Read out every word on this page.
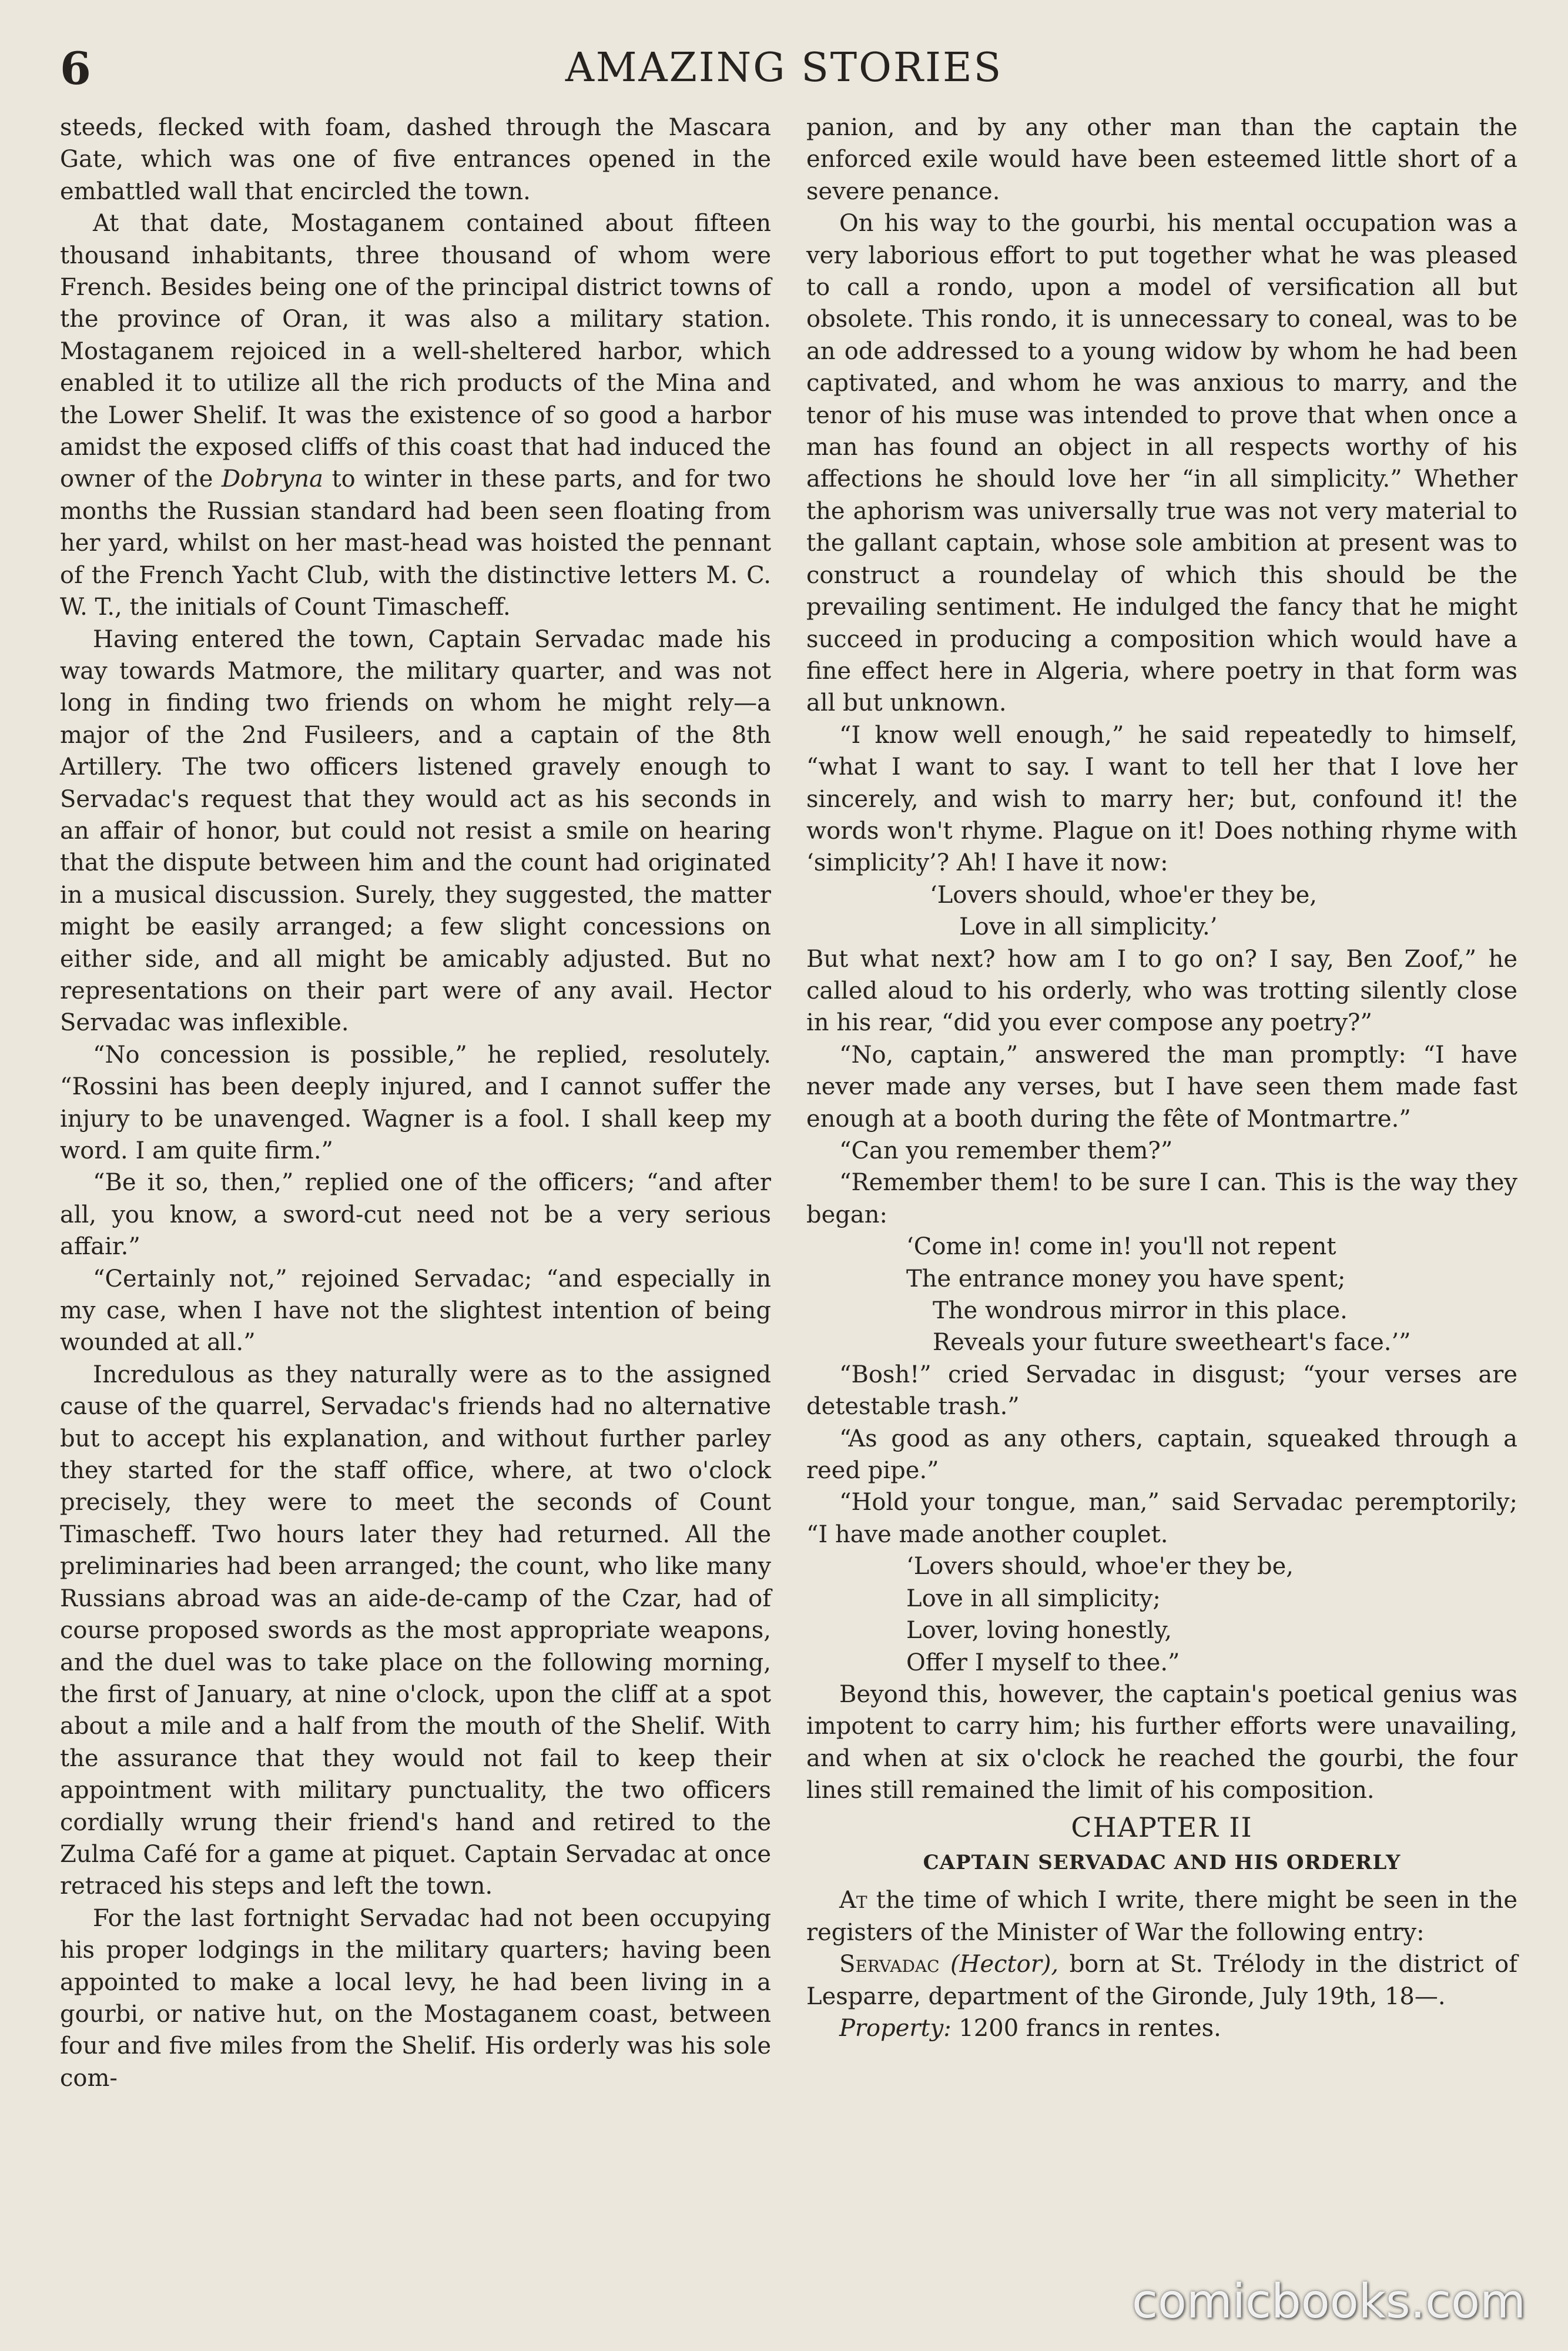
6	AMAZING STORIES

steeds, flecked with foam, dashed through the Mascara Gate, which was one of five entrances opened in the embattled wall that encircled the town.

At that date, Mostaganem contained about fifteen thousand inhabitants, three thousand of whom were French. Besides being one of the principal district towns of the province of Oran, it was also a military station. Mostaganem rejoiced in a well-sheltered harbor, which enabled it to utilize all the rich products of the Mina and the Lower Shelif. It was the existence of so good a harbor amidst the exposed cliffs of this coast that had induced the owner of the Dobryna to winter in these parts, and for two months the Russian standard had been seen floating from her yard, whilst on her mast-head was hoisted the pennant of the French Yacht Club, with the distinctive letters M. C. W. T., the initials of Count Timascheff.

Having entered the town, Captain Servadac made his way towards Matmore, the military quarter, and was not long in finding two friends on whom he might rely—a major of the 2nd Fusileers, and a captain of the 8th Artillery. The two officers listened gravely enough to Servadac's request that they would act as his seconds in an affair of honor, but could not resist a smile on hearing that the dispute between him and the count had originated in a musical discussion. Surely, they suggested, the matter might be easily arranged; a few slight concessions on either side, and all might be amicably adjusted. But no representations on their part were of any avail. Hector Servadac was inflexible.

“No concession is possible,” he replied, resolutely. “Rossini has been deeply injured, and I cannot suffer the injury to be unavenged. Wagner is a fool. I shall keep my word. I am quite firm.”

“Be it so, then,” replied one of the officers; “and after all, you know, a sword-cut need not be a very serious affair.”

“Certainly not,” rejoined Servadac; “and especially in my case, when I have not the slightest intention of being wounded at all.”

Incredulous as they naturally were as to the assigned cause of the quarrel, Servadac's friends had no alternative but to accept his explanation, and without further parley they started for the staff office, where, at two o'clock precisely, they were to meet the seconds of Count Timascheff. Two hours later they had returned. All the preliminaries had been arranged; the count, who like many Russians abroad was an aide-de-camp of the Czar, had of course proposed swords as the most appropriate weapons, and the duel was to take place on the following morning, the first of January, at nine o'clock, upon the cliff at a spot about a mile and a half from the mouth of the Shelif. With the assurance that they would not fail to keep their appointment with military punctuality, the two officers cordially wrung their friend's hand and retired to the Zulma Café for a game at piquet. Captain Servadac at once retraced his steps and left the town.

For the last fortnight Servadac had not been occupying his proper lodgings in the military quarters; having been appointed to make a local levy, he had been living in a gourbi, or native hut, on the Mostaganem coast, between four and five miles from the Shelif. His orderly was his sole com-

panion, and by any other man than the captain the enforced exile would have been esteemed little short of a severe penance.

On his way to the gourbi, his mental occupation was a very laborious effort to put together what he was pleased to call a rondo, upon a model of versification all but obsolete. This rondo, it is unnecessary to coneal, was to be an ode addressed to a young widow by whom he had been captivated, and whom he was anxious to marry, and the tenor of his muse was intended to prove that when once a man has found an object in all respects worthy of his affections he should love her “in all simplicity.” Whether the aphorism was universally true was not very material to the gallant captain, whose sole ambition at present was to construct a roundelay of which this should be the prevailing sentiment. He indulged the fancy that he might succeed in producing a composition which would have a fine effect here in Algeria, where poetry in that form was all but unknown.

“I know well enough,” he said repeatedly to himself, “what I want to say. I want to tell her that I love her sincerely, and wish to marry her; but, confound it! the words won't rhyme. Plague on it! Does nothing rhyme with ‘simplicity’? Ah! I have it now:

‘Lovers should, whoe'er they be,

Love in all simplicity.’

But what next? how am I to go on? I say, Ben Zoof,” he called aloud to his orderly, who was trotting silently close in his rear, “did you ever compose any poetry?”

“No, captain,” answered the man promptly: “I have never made any verses, but I have seen them made fast enough at a booth during the fête of Montmartre.”

“Can you remember them?”

“Remember them! to be sure I can. This is the way they began:

‘Come in! come in! you'll not repent

The entrance money you have spent;

The wondrous mirror in this place.

Reveals your future sweetheart's face.’”

“Bosh!” cried Servadac in disgust; “your verses are detestable trash.”

“As good as any others, captain, squeaked through a reed pipe.”

“Hold your tongue, man,” said Servadac peremptorily; “I have made another couplet.

‘Lovers should, whoe'er they be,

Love in all simplicity;

Lover, loving honestly,

Offer I myself to thee.”

Beyond this, however, the captain's poetical genius was impotent to carry him; his further efforts were unavailing, and when at six o'clock he reached the gourbi, the four lines still remained the limit of his composition.

CHAPTER II

CAPTAIN SERVADAC AND HIS ORDERLY

At the time of which I write, there might be seen in the registers of the Minister of War the following entry:

Servadac (Hector), born at St. Trélody in the district of Lesparre, department of the Gironde, July 19th, 18—.

Property: 1200 francs in rentes.

comicbooks.com
